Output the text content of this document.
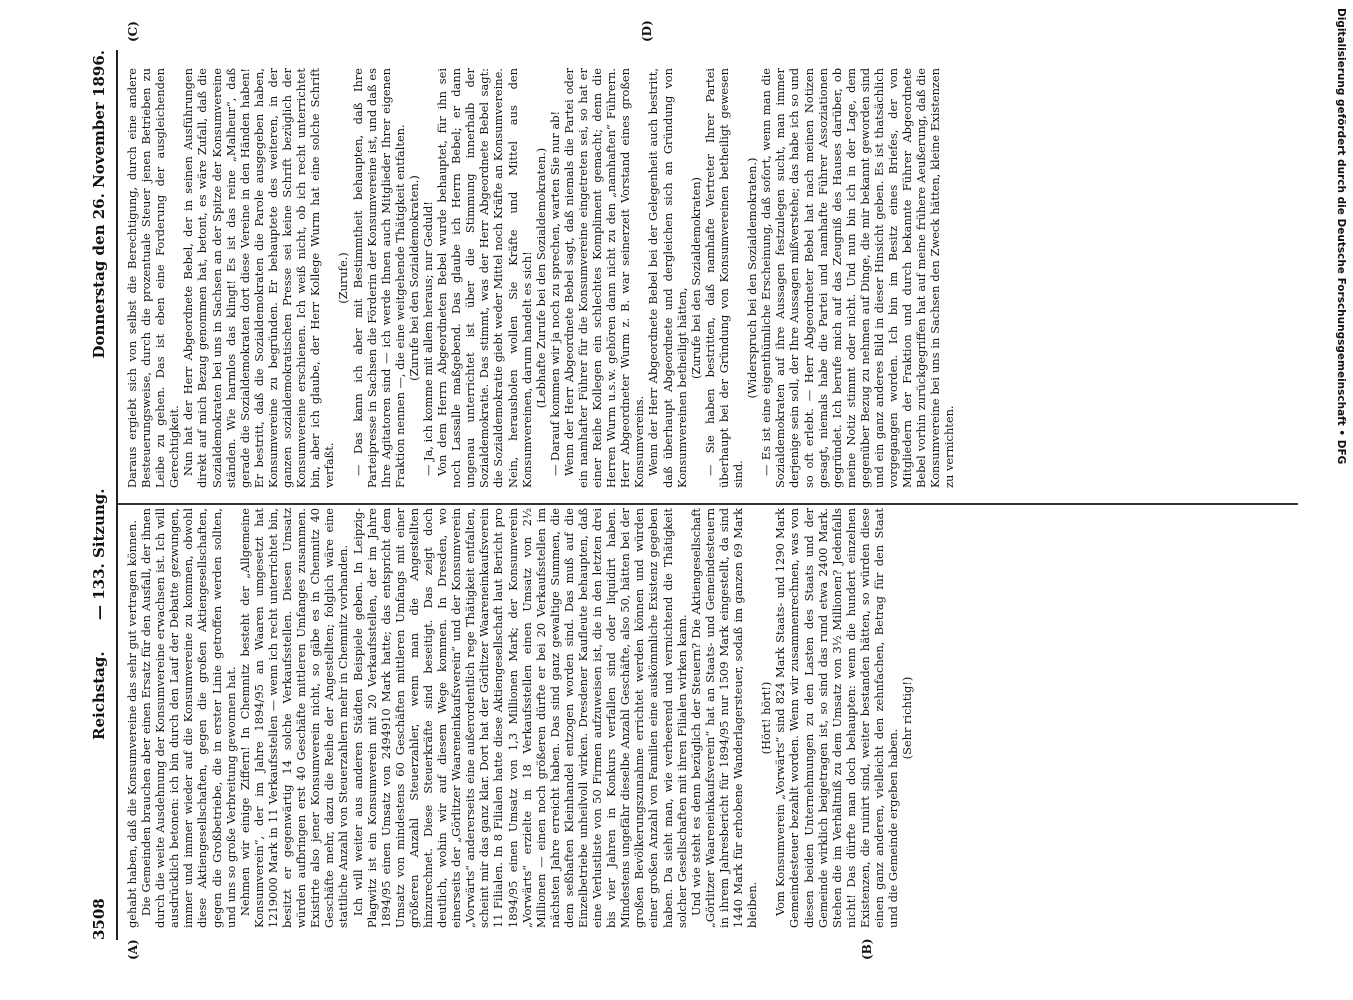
3508
Reichstag.
— 133. Sitzung.
Donnerstag den 26. November 1896.
(A)	(B)
(C)	(D)

gehabt haben, daß die Konsumvereine das sehr gut vertragen können. Die Gemeinden brauchen aber einen Ersatz für den Ausfall, der ihnen durch die weite Ausdehnung der Konsumvereine erwachsen ist. Ich will ausdrücklich betonen: ich bin durch den Lauf der Debatte gezwungen, immer und immer wieder auf die Konsumvereine zu kommen, obwohl diese Aktiengesellschaften, gegen die großen Aktiengesellschaften, gegen die Großbetriebe, die in erster Linie getroffen werden sollten, und uns so große Verbreitung gewonnen hat. Nehmen wir einige Ziffern! In Chemnitz besteht der „Allgemeine Konsumverein“, der im Jahre 1894/95 an Waaren umgesetzt hat 1219000 Mark in 11 Verkaufsstellen — wenn ich recht unterrichtet bin, besitzt er gegenwärtig 14 solche Verkaufsstellen. Diesen Umsatz würden aufbringen erst 40 Geschäfte mittleren Umfanges zusammen. Existirte also jener Konsumverein nicht, so gäbe es in Chemnitz 40 Geschäfte mehr, dazu die Reihe der Angestellten; folglich wäre eine stattliche Anzahl von Steuerzahlern mehr in Chemnitz vorhanden. Ich will weiter aus anderen Städten Beispiele geben. In Leipzig-Plagwitz ist ein Konsumverein mit 20 Verkaufsstellen, der im Jahre 1894/95 einen Umsatz von 2494910 Mark hatte; das entspricht dem Umsatz von mindestens 60 Geschäften mittleren Umfangs mit einer größeren Anzahl Steuerzahler, wenn man die Angestellten hinzurechnet. Diese Steuerkräfte sind beseitigt. Das zeigt doch deutlich, wohin wir auf diesem Wege kommen. In Dresden, wo einerseits der „Görlitzer Waareneinkaufsverein“ und der Konsumverein „Vorwärts“ andererseits eine außerordentlich rege Thätigkeit entfalten, scheint mir das ganz klar. Dort hat der Görlitzer Waareneinkaufsverein 11 Filialen. In 8 Filialen hatte diese Aktiengesellschaft laut Bericht pro 1894/95 einen Umsatz von 1,3 Millionen Mark; der Konsumverein „Vorwärts“ erzielte in 18 Verkaufsstellen einen Umsatz von 2½ Millionen — einen noch größeren dürfte er bei 20 Verkaufsstellen im nächsten Jahre erreicht haben. Das sind ganz gewaltige Summen, die dem seßhaften Kleinhandel entzogen worden sind. Das muß auf die Einzelbetriebe unheilvoll wirken. Dresdener Kaufleute behaupten, daß eine Verlustliste von 50 Firmen aufzuweisen ist, die in den letzten drei bis vier Jahren in Konkurs verfallen sind oder liquidirt haben. Mindestens ungefähr dieselbe Anzahl Geschäfte, also 50, hätten bei der großen Bevölkerungszunahme errichtet werden können und würden einer großen Anzahl von Familien eine auskömmliche Existenz gegeben haben. Da sieht man, wie verheerend und vernichtend die Thätigkeit solcher Gesellschaften mit ihren Filialen wirken kann. Und wie steht es denn bezüglich der Steuern? Die Aktiengesellschaft „Görlitzer Waareneinkaufsverein“ hat an Staats- und Gemeindesteuern in ihrem Jahresbericht für 1894/95 nur 1509 Mark eingestellt, da sind 1440 Mark für erhobene Wanderlagersteuer, sodaß im ganzen 69 Mark bleiben.

(Hört! hört!) Vom Konsumverein „Vorwärts“ sind 824 Mark Staats- und 1290 Mark Gemeindesteuer bezahlt worden. Wenn wir zusammenrechnen, was von diesen beiden Unternehmungen zu den Lasten des Staats und der Gemeinde wirklich beigetragen ist, so sind das rund etwa 2400 Mark. Stehen die im Verhältniß zu dem Umsatz von 3½ Millionen? Jedenfalls nicht! Das dürfte man doch behaupten: wenn die hundert einzelnen Existenzen, die ruinirt sind, weiter bestanden hätten, so würden diese einen ganz anderen, vielleicht den zehnfachen, Betrag für den Staat und die Gemeinde ergeben haben.

(Sehr richtig!)

Daraus ergiebt sich von selbst die Berechtigung, durch eine andere Besteuerungsweise, durch die prozentuale Steuer jenen Betrieben zu Leibe zu gehen. Das ist eben eine Forderung der ausgleichenden Gerechtigkeit. Nun hat der Herr Abgeordnete Bebel, der in seinen Ausführungen direkt auf mich Bezug genommen hat, betont, es wäre Zufall, daß die Sozialdemokraten bei uns in Sachsen an der Spitze der Konsumvereine ständen. Wie harmlos das klingt! Es ist das reine „Malheur“, daß gerade die Sozialdemokraten dort diese Vereine in den Händen haben! Er bestritt, daß die Sozialdemokraten die Parole ausgegeben haben, Konsumvereine zu begründen. Er behauptete des weiteren, in der ganzen sozialdemokratischen Presse sei keine Schrift bezüglich der Konsumvereine erschienen. Ich weiß nicht, ob ich recht unterrichtet bin, aber ich glaube, der Herr Kollege Wurm hat eine solche Schrift verfaßt.

(Zurufe.) — Das kann ich aber mit Bestimmtheit behaupten, daß Ihre Parteipresse in Sachsen die Förderin der Konsumvereine ist, und daß es Ihre Agitatoren sind — ich werde Ihnen auch Mitglieder Ihrer eigenen Fraktion nennen —, die eine weitgehende Thätigkeit entfalten. (Zurufe bei den Sozialdemokraten.) — Ja, ich komme mit allem heraus; nur Geduld! Von dem Herrn Abgeordneten Bebel wurde behauptet, für ihn sei noch Lassalle maßgebend. Das glaube ich Herrn Bebel; er dann ungenau unterrichtet ist über die Stimmung innerhalb der Sozialdemokratie. Das stimmt, was der Herr Abgeordnete Bebel sagt: die Sozialdemokratie giebt weder Mittel noch Kräfte an Konsumvereine. Nein, herausholen wollen Sie Kräfte und Mittel aus den Konsumvereinen, darum handelt es sich! (Lebhafte Zurufe bei den Sozialdemokraten.) — Darauf kommen wir ja noch zu sprechen, warten Sie nur ab! Wenn der Herr Abgeordnete Bebel sagt, daß niemals die Partei oder ein namhafter Führer für die Konsumvereine eingetreten sei, so hat er einer Reihe Kollegen ein schlechtes Kompliment gemacht; denn die Herren Wurm u.s.w. gehören dann nicht zu den „namhaften“ Führern. Herr Abgeordneter Wurm z. B. war seinerzeit Vorstand eines großen Konsumvereins. Wenn der Herr Abgeordnete Bebel bei der Gelegenheit auch bestritt, daß überhaupt Abgeordnete und dergleichen sich an Gründung von Konsumvereinen betheiligt hätten,

(Zurufe bei den Sozialdemokraten) — Sie haben bestritten, daß namhafte Vertreter Ihrer Partei überhaupt bei der Gründung von Konsumvereinen betheiligt gewesen sind.

(Widerspruch bei den Sozialdemokraten.) — Es ist eine eigenthümliche Erscheinung, daß sofort, wenn man die Sozialdemokraten auf ihre Aussagen festzulegen sucht, man immer derjenige sein soll, der Ihre Aussagen mißverstehe; das habe ich so und so oft erlebt. — Herr Abgeordneter Bebel hat nach meinen Notizen gesagt, niemals habe die Partei und namhafte Führer Assoziationen gegründet. Ich berufe mich auf das Zeugniß des Hauses darüber, ob meine Notiz stimmt oder nicht. Und nun bin ich in der Lage, dem gegenüber Bezug zu nehmen auf Dinge, die mir bekannt geworden sind und ein ganz anderes Bild in dieser Hinsicht geben. Es ist thatsächlich vorgegangen worden. Ich bin im Besitz eines Briefes, der von Mitgliedern der Fraktion und durch bekannte Führer Abgeordnete Bebel vorhin zurückgegriffen hat auf meine frühere Aeußerung, daß die Konsumvereine bei uns in Sachsen den Zweck hätten, kleine Existenzen zu vernichten.	Digitalisierung gefördert durch die Deutsche Forschungsgemeinschaft • DFG
